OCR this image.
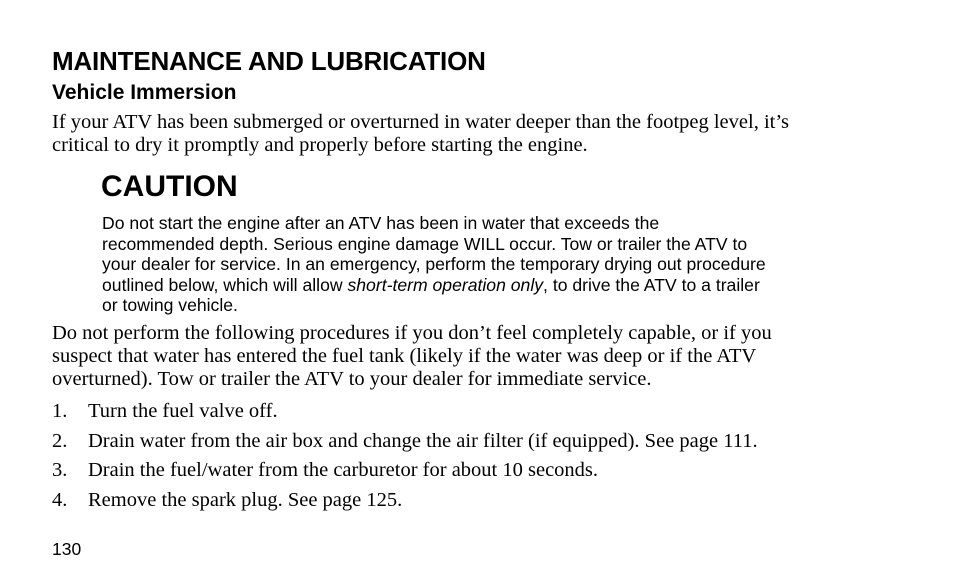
MAINTENANCE AND LUBRICATION
Vehicle Immersion
If your ATV has been submerged or overturned in water deeper than the footpeg level, it’s
critical to dry it promptly and properly before starting the engine.
CAUTION
Do not start the engine after an ATV has been in water that exceeds the
recommended depth. Serious engine damage WILL occur. Tow or trailer the ATV to
your dealer for service. In an emergency, perform the temporary drying out procedure
outlined below, which will allow short-term operation only, to drive the ATV to a trailer
or towing vehicle.
Do not perform the following procedures if you don’t feel completely capable, or if you
suspect that water has entered the fuel tank (likely if the water was deep or if the ATV
overturned). Tow or trailer the ATV to your dealer for immediate service.
1. Turn the fuel valve off.
2. Drain water from the air box and change the air filter (if equipped). See page 111.
3. Drain the fuel/water from the carburetor for about 10 seconds.
4. Remove the spark plug. See page 125.
130
